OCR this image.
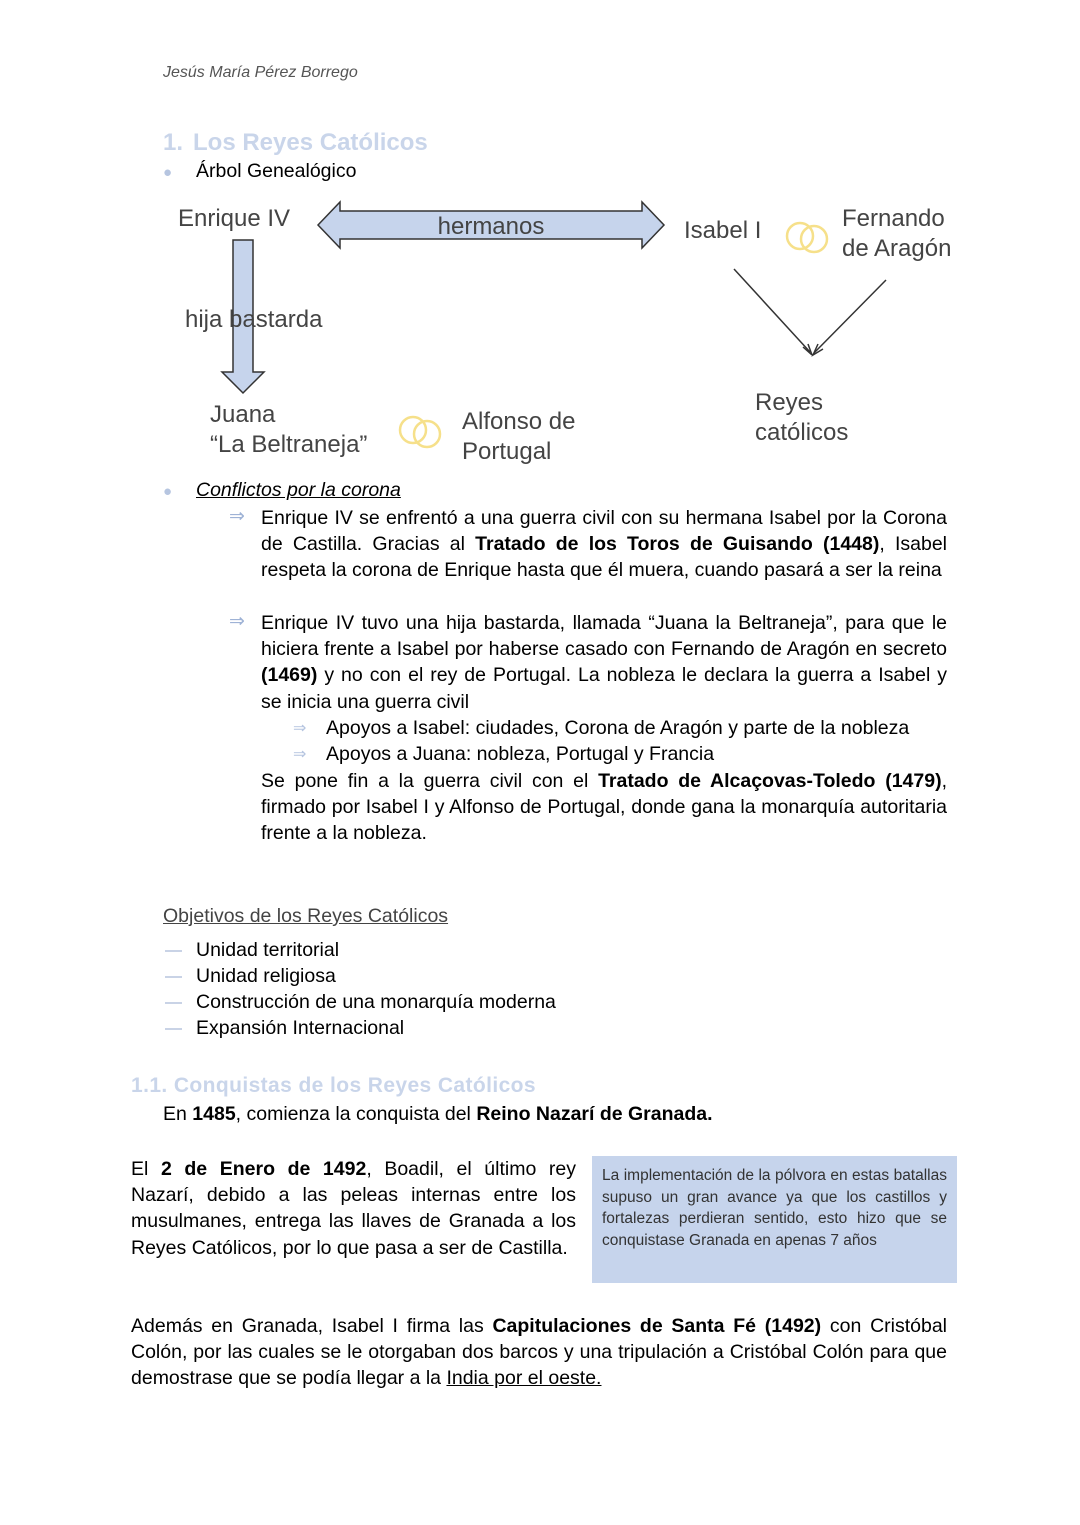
Jesús María Pérez Borrego
1. Los Reyes Católicos
● Árbol Genealógico
hermanos
Enrique IV	Isabel I	Fernando
de Aragón
hija bastarda
Juana
“La Beltraneja”
Alfonso de
Portugal
Reyes
católicos
● Conflictos por la corona
⇒ Enrique IV se enfrentó a una guerra civil con su hermana Isabel por la Corona de Castilla. Gracias al Tratado de los Toros de Guisando (1448), Isabel respeta la corona de Enrique hasta que él muera, cuando pasará a ser la reina
⇒ Enrique IV tuvo una hija bastarda, llamada “Juana la Beltraneja”, para que le hiciera frente a Isabel por haberse casado con Fernando de Aragón en secreto (1469) y no con el rey de Portugal. La nobleza le declara la guerra a Isabel y se inicia una guerra civil
⇒ Apoyos a Isabel: ciudades, Corona de Aragón y parte de la nobleza
⇒ Apoyos a Juana: nobleza, Portugal y Francia
Se pone fin a la guerra civil con el Tratado de Alcaçovas-Toledo (1479), firmado por Isabel I y Alfonso de Portugal, donde gana la monarquía autoritaria frente a la nobleza.
Objetivos de los Reyes Católicos
Unidad territorial
Unidad religiosa
Construcción de una monarquía moderna
Expansión Internacional
1.1. Conquistas de los Reyes Católicos
En 1485, comienza la conquista del Reino Nazarí de Granada.
El 2 de Enero de 1492, Boadil, el último rey Nazarí, debido a las peleas internas entre los musulmanes, entrega las llaves de Granada a los Reyes Católicos, por lo que pasa a ser de Castilla.
La implementación de la pólvora en estas batallas supuso un gran avance ya que los castillos y fortalezas perdieran sentido, esto hizo que se conquistase Granada en apenas 7 años
Además en Granada, Isabel I firma las Capitulaciones de Santa Fé (1492) con Cristóbal Colón, por las cuales se le otorgaban dos barcos y una tripulación a Cristóbal Colón para que demostrase que se podía llegar a la India por el oeste.
